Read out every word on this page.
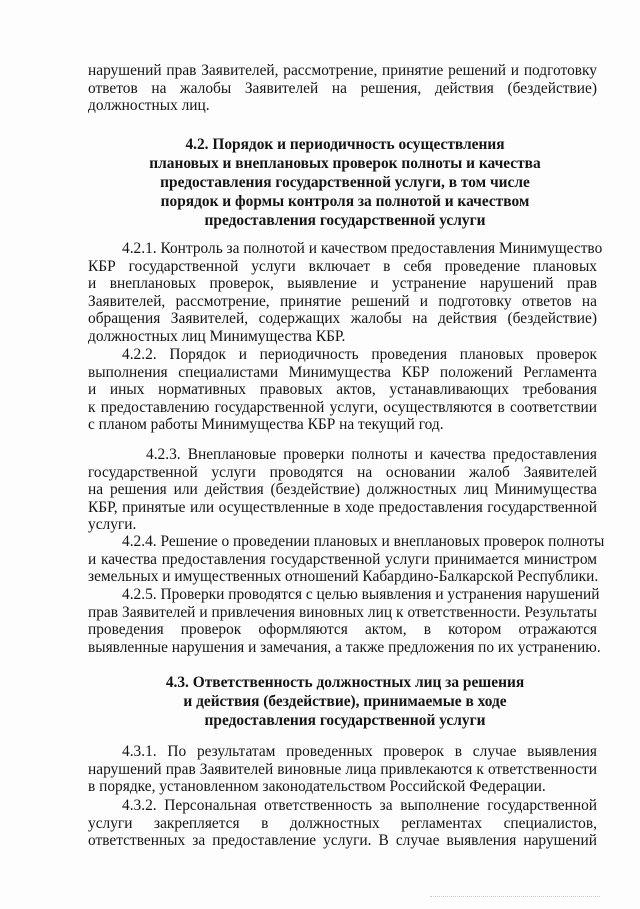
нарушений прав Заявителей, рассмотрение, принятие решений и подготовку
ответов на жалобы Заявителей на решения, действия (бездействие)
должностных лиц.
4.2. Порядок и периодичность осуществления
плановых и внеплановых проверок полноты и качества
предоставления государственной услуги, в том числе
порядок и формы контроля за полнотой и качеством
предоставления государственной услуги
4.2.1. Контроль за полнотой и качеством предоставления Минимущество
КБР государственной услуги включает в себя проведение плановых
и внеплановых проверок, выявление и устранение нарушений прав
Заявителей, рассмотрение, принятие решений и подготовку ответов на
обращения Заявителей, содержащих жалобы на действия (бездействие)
должностных лиц Минимущества КБР.
4.2.2. Порядок и периодичность проведения плановых проверок
выполнения специалистами Минимущества КБР положений Регламента
и иных нормативных правовых актов, устанавливающих требования
к предоставлению государственной услуги, осуществляются в соответствии
с планом работы Минимущества КБР на текущий год.
4.2.3. Внеплановые проверки полноты и качества предоставления
государственной услуги проводятся на основании жалоб Заявителей
на решения или действия (бездействие) должностных лиц Минимущества
КБР, принятые или осуществленные в ходе предоставления государственной
услуги.
4.2.4. Решение о проведении плановых и внеплановых проверок полноты
и качества предоставления государственной услуги принимается министром
земельных и имущественных отношений Кабардино-Балкарской Республики.
4.2.5. Проверки проводятся с целью выявления и устранения нарушений
прав Заявителей и привлечения виновных лиц к ответственности. Результаты
проведения проверок оформляются актом, в котором отражаются
выявленные нарушения и замечания, а также предложения по их устранению.
4.3. Ответственность должностных лиц за решения
и действия (бездействие), принимаемые в ходе
предоставления государственной услуги
4.3.1. По результатам проведенных проверок в случае выявления
нарушений прав Заявителей виновные лица привлекаются к ответственности
в порядке, установленном законодательством Российской Федерации.
4.3.2. Персональная ответственность за выполнение государственной
услуги закрепляется в должностных регламентах специалистов,
ответственных за предоставление услуги. В случае выявления нарушений
